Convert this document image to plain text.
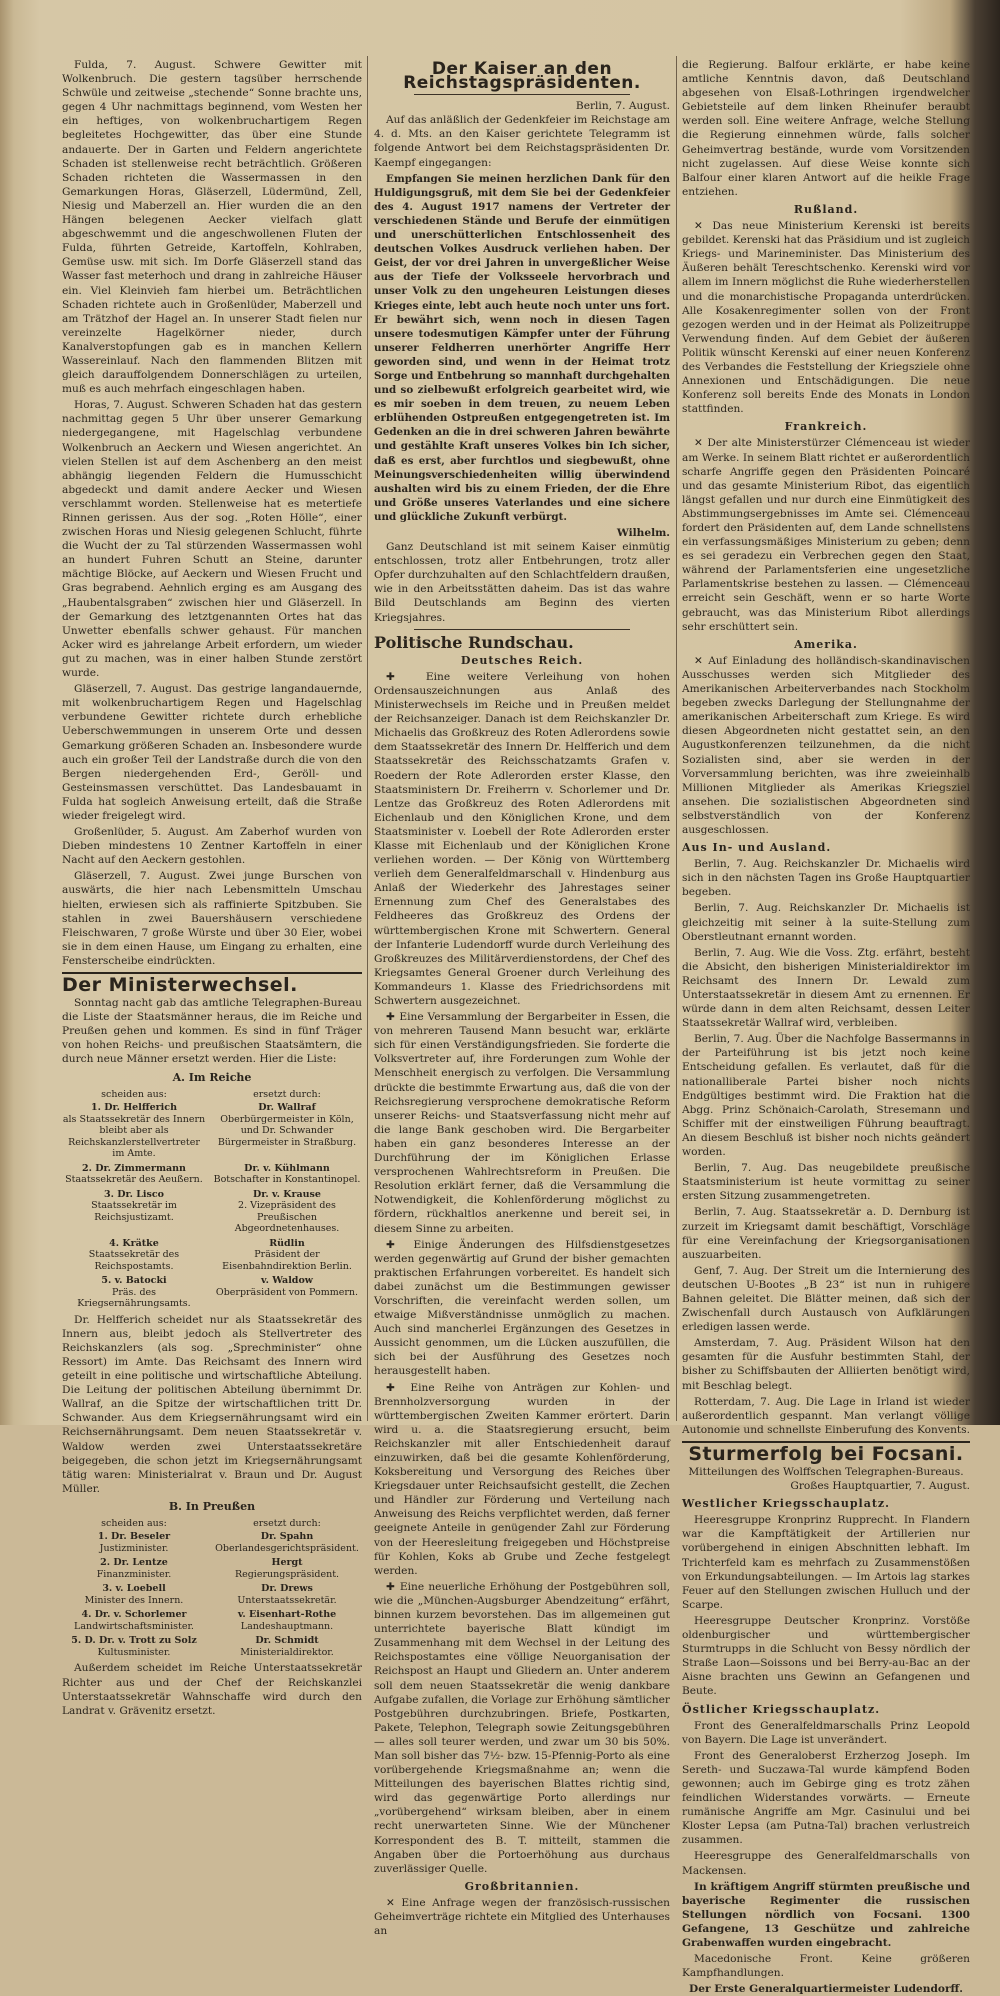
Fulda, 7. August. Schwere Gewitter mit Wolkenbruch. Die gestern tagsüber herrschende Schwüle und zeitweise „stechende“ Sonne brachte uns, gegen 4 Uhr nachmittags beginnend, vom Westen her ein heftiges, von wolkenbruchartigem Regen begleitetes Hochgewitter, das über eine Stunde andauerte. Der in Garten und Feldern angerichtete Schaden ist stellenweise recht beträchtlich. Größeren Schaden richteten die Wassermassen in den Gemarkungen Horas, Gläserzell, Lüdermünd, Zell, Niesig und Maberzell an. Hier wurden die an den Hängen belegenen Aecker vielfach glatt abgeschwemmt und die angeschwollenen Fluten der Fulda, führten Getreide, Kartoffeln, Kohlraben, Gemüse usw. mit sich. Im Dorfe Gläserzell stand das Wasser fast meterhoch und drang in zahlreiche Häuser ein. Viel Kleinvieh fam hierbei um. Beträchtlichen Schaden richtete auch in Großenlüder, Maberzell und am Trätzhof der Hagel an. In unserer Stadt fielen nur vereinzelte Hagelkörner nieder, durch Kanalverstopfungen gab es in manchen Kellern Wassereinlauf. Nach den flammenden Blitzen mit gleich darauffolgendem Donnerschlägen zu urteilen, muß es auch mehrfach eingeschlagen haben.

Horas, 7. August. Schweren Schaden hat das gestern nachmittag gegen 5 Uhr über unserer Gemarkung niedergegangene, mit Hagelschlag verbundene Wolkenbruch an Aeckern und Wiesen angerichtet. An vielen Stellen ist auf dem Aschenberg an den meist abhängig liegenden Feldern die Humusschicht abgedeckt und damit andere Aecker und Wiesen verschlammt worden. Stellenweise hat es metertiefe Rinnen gerissen. Aus der sog. „Roten Hölle“, einer zwischen Horas und Niesig gelegenen Schlucht, führte die Wucht der zu Tal stürzenden Wassermassen wohl an hundert Fuhren Schutt an Steine, darunter mächtige Blöcke, auf Aeckern und Wiesen Frucht und Gras begrabend. Aehnlich erging es am Ausgang des „Haubentalsgraben“ zwischen hier und Gläserzell. In der Gemarkung des letztgenannten Ortes hat das Unwetter ebenfalls schwer gehaust. Für manchen Acker wird es jahrelange Arbeit erfordern, um wieder gut zu machen, was in einer halben Stunde zerstört wurde.

Gläserzell, 7. August. Das gestrige langandauernde, mit wolkenbruchartigem Regen und Hagelschlag verbundene Gewitter richtete durch erhebliche Ueberschwemmungen in unserem Orte und dessen Gemarkung größeren Schaden an. Insbesondere wurde auch ein großer Teil der Landstraße durch die von den Bergen niedergehenden Erd-, Geröll- und Gesteinsmassen verschüttet. Das Landesbauamt in Fulda hat sogleich Anweisung erteilt, daß die Straße wieder freigelegt wird.

Großenlüder, 5. August. Am Zaberhof wurden von Dieben mindestens 10 Zentner Kartoffeln in einer Nacht auf den Aeckern gestohlen.

Gläserzell, 7. August. Zwei junge Burschen von auswärts, die hier nach Lebensmitteln Umschau hielten, erwiesen sich als raffinierte Spitzbuben. Sie stahlen in zwei Bauershäusern verschiedene Fleischwaren, 7 große Würste und über 30 Eier, wobei sie in dem einen Hause, um Eingang zu erhalten, eine Fensterscheibe eindrückten.

Der Ministerwechsel.

Sonntag nacht gab das amtliche Telegraphen-Bureau die Liste der Staatsmänner heraus, die im Reiche und Preußen gehen und kommen. Es sind in fünf Träger von hohen Reichs- und preußischen Staatsämtern, die durch neue Männer ersetzt werden. Hier die Liste:

A. Im Reiche
scheiden aus:	ersetzt durch:
1. Dr. Helfferich
als Staatssekretär des Innern bleibt aber als Reichskanzlerstellvertreter im Amte.
Dr. Wallraf
Oberbürgermeister in Köln, und Dr. Schwander Bürgermeister in Straßburg.
2. Dr. Zimmermann
Staatssekretär des Aeußern.
Dr. v. Kühlmann
Botschafter in Konstantinopel.
3. Dr. Lisco
Staatssekretär im Reichsjustizamt.
Dr. v. Krause
2. Vizepräsident des Preußischen Abgeordnetenhauses.
4. Krätke
Staatssekretär des Reichspostamts.
Rüdlin
Präsident der Eisenbahndirektion Berlin.
5. v. Batocki
Präs. des Kriegsernährungsamts.
v. Waldow
Oberpräsident von Pommern.

Dr. Helfferich scheidet nur als Staatssekretär des Innern aus, bleibt jedoch als Stellvertreter des Reichskanzlers (als sog. „Sprechminister“ ohne Ressort) im Amte. Das Reichsamt des Innern wird geteilt in eine politische und wirtschaftliche Abteilung. Die Leitung der politischen Abteilung übernimmt Dr. Wallraf, an die Spitze der wirtschaftlichen tritt Dr. Schwander. Aus dem Kriegsernährungsamt wird ein Reichsernährungsamt. Dem neuen Staatssekretär v. Waldow werden zwei Unterstaatssekretäre beigegeben, die schon jetzt im Kriegsernährungsamt tätig waren: Ministerialrat v. Braun und Dr. August Müller.

B. In Preußen
scheiden aus:	ersetzt durch:
1. Dr. Beseler
Justizminister.
Dr. Spahn
Oberlandesgerichtspräsident.
2. Dr. Lentze
Finanzminister.
Hergt
Regierungspräsident.
3. v. Loebell
Minister des Innern.
Dr. Drews
Unterstaatssekretär.
4. Dr. v. Schorlemer
Landwirtschaftsminister.
v. Eisenhart-Rothe
Landeshauptmann.
5. D. Dr. v. Trott zu Solz
Kultusminister.
Dr. Schmidt
Ministerialdirektor.

Außerdem scheidet im Reiche Unterstaatssekretär Richter aus und der Chef der Reichskanzlei Unterstaatssekretär Wahnschaffe wird durch den Landrat v. Grävenitz ersetzt.

Der Kaiser an den Reichstagspräsidenten.
Berlin, 7. August.

Auf das anläßlich der Gedenkfeier im Reichstage am 4. d. Mts. an den Kaiser gerichtete Telegramm ist folgende Antwort bei dem Reichstagspräsidenten Dr. Kaempf eingegangen:

Empfangen Sie meinen herzlichen Dank für den Huldigungsgruß, mit dem Sie bei der Gedenkfeier des 4. August 1917 namens der Vertreter der verschiedenen Stände und Berufe der einmütigen und unerschütterlichen Entschlossenheit des deutschen Volkes Ausdruck verliehen haben. Der Geist, der vor drei Jahren in unvergeßlicher Weise aus der Tiefe der Volksseele hervorbrach und unser Volk zu den ungeheuren Leistungen dieses Krieges einte, lebt auch heute noch unter uns fort. Er bewährt sich, wenn noch in diesen Tagen unsere todesmutigen Kämpfer unter der Führung unserer Feldherren unerhörter Angriffe Herr geworden sind, und wenn in der Heimat trotz Sorge und Entbehrung so mannhaft durchgehalten und so zielbewußt erfolgreich gearbeitet wird, wie es mir soeben in dem treuen, zu neuem Leben erblühenden Ostpreußen entgegengetreten ist. Im Gedenken an die in drei schweren Jahren bewährte und gestählte Kraft unseres Volkes bin Ich sicher, daß es erst, aber furchtlos und siegbewußt, ohne Meinungsverschiedenheiten willig überwindend aushalten wird bis zu einem Frieden, der die Ehre und Größe unseres Vaterlandes und eine sichere und glückliche Zukunft verbürgt.

Wilhelm.

Ganz Deutschland ist mit seinem Kaiser einmütig entschlossen, trotz aller Entbehrungen, trotz aller Opfer durchzuhalten auf den Schlachtfeldern draußen, wie in den Arbeitsstätten daheim. Das ist das wahre Bild Deutschlands am Beginn des vierten Kriegsjahres.

Politische Rundschau.
Deutsches Reich.

✚ Eine weitere Verleihung von hohen Ordensauszeichnungen aus Anlaß des Ministerwechsels im Reiche und in Preußen meldet der Reichsanzeiger. Danach ist dem Reichskanzler Dr. Michaelis das Großkreuz des Roten Adlerordens sowie dem Staatssekretär des Innern Dr. Helfferich und dem Staatssekretär des Reichsschatzamts Grafen v. Roedern der Rote Adlerorden erster Klasse, den Staatsministern Dr. Freiherrn v. Schorlemer und Dr. Lentze das Großkreuz des Roten Adlerordens mit Eichenlaub und den Königlichen Krone, und dem Staatsminister v. Loebell der Rote Adlerorden erster Klasse mit Eichenlaub und der Königlichen Krone verliehen worden. — Der König von Württemberg verlieh dem Generalfeldmarschall v. Hindenburg aus Anlaß der Wiederkehr des Jahrestages seiner Ernennung zum Chef des Generalstabes des Feldheeres das Großkreuz des Ordens der württembergischen Krone mit Schwertern. General der Infanterie Ludendorff wurde durch Verleihung des Großkreuzes des Militärverdienstordens, der Chef des Kriegsamtes General Groener durch Verleihung des Kommandeurs 1. Klasse des Friedrichsordens mit Schwertern ausgezeichnet.

✚ Eine Versammlung der Bergarbeiter in Essen, die von mehreren Tausend Mann besucht war, erklärte sich für einen Verständigungsfrieden. Sie forderte die Volksvertreter auf, ihre Forderungen zum Wohle der Menschheit energisch zu verfolgen. Die Versammlung drückte die bestimmte Erwartung aus, daß die von der Reichsregierung versprochene demokratische Reform unserer Reichs- und Staatsverfassung nicht mehr auf die lange Bank geschoben wird. Die Bergarbeiter haben ein ganz besonderes Interesse an der Durchführung der im Königlichen Erlasse versprochenen Wahlrechtsreform in Preußen. Die Resolution erklärt ferner, daß die Versammlung die Notwendigkeit, die Kohlenförderung möglichst zu fördern, rückhaltlos anerkenne und bereit sei, in diesem Sinne zu arbeiten.

✚ Einige Änderungen des Hilfsdienstgesetzes werden gegenwärtig auf Grund der bisher gemachten praktischen Erfahrungen vorbereitet. Es handelt sich dabei zunächst um die Bestimmungen gewisser Vorschriften, die vereinfacht werden sollen, um etwaige Mißverständnisse unmöglich zu machen. Auch sind mancherlei Ergänzungen des Gesetzes in Aussicht genommen, um die Lücken auszufüllen, die sich bei der Ausführung des Gesetzes noch herausgestellt haben.

✚ Eine Reihe von Anträgen zur Kohlen- und Brennholzversorgung wurden in der württembergischen Zweiten Kammer erörtert. Darin wird u. a. die Staatsregierung ersucht, beim Reichskanzler mit aller Entschiedenheit darauf einzuwirken, daß bei die gesamte Kohlenförderung, Koksbereitung und Versorgung des Reiches über Kriegsdauer unter Reichsaufsicht gestellt, die Zechen und Händler zur Förderung und Verteilung nach Anweisung des Reichs verpflichtet werden, daß ferner geeignete Anteile in genügender Zahl zur Förderung von der Heeresleitung freigegeben und Höchstpreise für Kohlen, Koks ab Grube und Zeche festgelegt werden.

✚ Eine neuerliche Erhöhung der Postgebühren soll, wie die „München-Augsburger Abendzeitung“ erfährt, binnen kurzem bevorstehen. Das im allgemeinen gut unterrichtete bayerische Blatt kündigt im Zusammenhang mit dem Wechsel in der Leitung des Reichspostamtes eine völlige Neuorganisation der Reichspost an Haupt und Gliedern an. Unter anderem soll dem neuen Staatssekretär die wenig dankbare Aufgabe zufallen, die Vorlage zur Erhöhung sämtlicher Postgebühren durchzubringen. Briefe, Postkarten, Pakete, Telephon, Telegraph sowie Zeitungsgebühren — alles soll teurer werden, und zwar um 30 bis 50%. Man soll bisher das 7½- bzw. 15-Pfennig-Porto als eine vorübergehende Kriegsmaßnahme an; wenn die Mitteilungen des bayerischen Blattes richtig sind, wird das gegenwärtige Porto allerdings nur „vorübergehend“ wirksam bleiben, aber in einem recht unerwarteten Sinne. Wie der Münchener Korrespondent des B. T. mitteilt, stammen die Angaben über die Portoerhöhung aus durchaus zuverlässiger Quelle.

Großbritannien.

✕ Eine Anfrage wegen der französisch-russischen Geheimverträge richtete ein Mitglied des Unterhauses an

die Regierung. Balfour erklärte, er habe keine amtliche Kenntnis davon, daß Deutschland abgesehen von Elsaß-Lothringen irgendwelcher Gebietsteile auf dem linken Rheinufer beraubt werden soll. Eine weitere Anfrage, welche Stellung die Regierung einnehmen würde, falls solcher Geheimvertrag bestände, wurde vom Vorsitzenden nicht zugelassen. Auf diese Weise konnte sich Balfour einer klaren Antwort auf die heikle Frage entziehen.

Rußland.

✕ Das neue Ministerium Kerenski ist bereits gebildet. Kerenski hat das Präsidium und ist zugleich Kriegs- und Marineminister. Das Ministerium des Äußeren behält Tereschtschenko. Kerenski wird vor allem im Innern möglichst die Ruhe wiederherstellen und die monarchistische Propaganda unterdrücken. Alle Kosakenregimenter sollen von der Front gezogen werden und in der Heimat als Polizeitruppe Verwendung finden. Auf dem Gebiet der äußeren Politik wünscht Kerenski auf einer neuen Konferenz des Verbandes die Feststellung der Kriegsziele ohne Annexionen und Entschädigungen. Die neue Konferenz soll bereits Ende des Monats in London stattfinden.

Frankreich.

✕ Der alte Ministerstürzer Clémenceau ist wieder am Werke. In seinem Blatt richtet er außerordentlich scharfe Angriffe gegen den Präsidenten Poincaré und das gesamte Ministerium Ribot, das eigentlich längst gefallen und nur durch eine Einmütigkeit des Abstimmungsergebnisses im Amte sei. Clémenceau fordert den Präsidenten auf, dem Lande schnellstens ein verfassungsmäßiges Ministerium zu geben; denn es sei geradezu ein Verbrechen gegen den Staat, während der Parlamentsferien eine ungesetzliche Parlamentskrise bestehen zu lassen. — Clémenceau erreicht sein Geschäft, wenn er so harte Worte gebraucht, was das Ministerium Ribot allerdings sehr erschüttert sein.

Amerika.

✕ Auf Einladung des holländisch-skandinavischen Ausschusses werden sich Mitglieder des Amerikanischen Arbeiterverbandes nach Stockholm begeben zwecks Darlegung der Stellungnahme der amerikanischen Arbeiterschaft zum Kriege. Es wird diesen Abgeordneten nicht gestattet sein, an den Augustkonferenzen teilzunehmen, da die nicht Sozialisten sind, aber sie werden in der Vorversammlung berichten, was ihre zweieinhalb Millionen Mitglieder als Amerikas Kriegsziel ansehen. Die sozialistischen Abgeordneten sind selbstverständlich von der Konferenz ausgeschlossen.

Aus In- und Ausland.

Berlin, 7. Aug. Reichskanzler Dr. Michaelis wird sich in den nächsten Tagen ins Große Hauptquartier begeben.

Berlin, 7. Aug. Reichskanzler Dr. Michaelis ist gleichzeitig mit seiner à la suite-Stellung zum Oberstleutnant ernannt worden.

Berlin, 7. Aug. Wie die Voss. Ztg. erfährt, besteht die Absicht, den bisherigen Ministerialdirektor im Reichsamt des Innern Dr. Lewald zum Unterstaatssekretär in diesem Amt zu ernennen. Er würde dann in dem alten Reichsamt, dessen Leiter Staatssekretär Wallraf wird, verbleiben.

Berlin, 7. Aug. Über die Nachfolge Bassermanns in der Parteiführung ist bis jetzt noch keine Entscheidung gefallen. Es verlautet, daß für die nationalliberale Partei bisher noch nichts Endgültiges bestimmt wird. Die Fraktion hat die Abgg. Prinz Schönaich-Carolath, Stresemann und Schiffer mit der einstweiligen Führung beauftragt. An diesem Beschluß ist bisher noch nichts geändert worden.

Berlin, 7. Aug. Das neugebildete preußische Staatsministerium ist heute vormittag zu seiner ersten Sitzung zusammengetreten.

Berlin, 7. Aug. Staatssekretär a. D. Dernburg ist zurzeit im Kriegsamt damit beschäftigt, Vorschläge für eine Vereinfachung der Kriegsorganisationen auszuarbeiten.

Genf, 7. Aug. Der Streit um die Internierung des deutschen U-Bootes „B 23“ ist nun in ruhigere Bahnen geleitet. Die Blätter meinen, daß sich der Zwischenfall durch Austausch von Aufklärungen erledigen lassen werde.

Amsterdam, 7. Aug. Präsident Wilson hat den gesamten für die Ausfuhr bestimmten Stahl, der bisher zu Schiffsbauten der Alliierten benötigt wird, mit Beschlag belegt.

Rotterdam, 7. Aug. Die Lage in Irland ist wieder außerordentlich gespannt. Man verlangt völlige Autonomie und schnellste Einberufung des Konvents.

Sturmerfolg bei Focsani.
Mitteilungen des Wolffschen Telegraphen-Bureaus.
Großes Hauptquartier, 7. August.
Westlicher Kriegsschauplatz.

Heeresgruppe Kronprinz Rupprecht. In Flandern war die Kampftätigkeit der Artillerien nur vorübergehend in einigen Abschnitten lebhaft. Im Trichterfeld kam es mehrfach zu Zusammenstößen von Erkundungsabteilungen. — Im Artois lag starkes Feuer auf den Stellungen zwischen Hulluch und der Scarpe.

Heeresgruppe Deutscher Kronprinz. Vorstöße oldenburgischer und württembergischer Sturmtrupps in die Schlucht von Bessy nördlich der Straße Laon—Soissons und bei Berry-au-Bac an der Aisne brachten uns Gewinn an Gefangenen und Beute.

Östlicher Kriegsschauplatz.

Front des Generalfeldmarschalls Prinz Leopold von Bayern. Die Lage ist unverändert.

Front des Generaloberst Erzherzog Joseph. Im Sereth- und Suczawa-Tal wurde kämpfend Boden gewonnen; auch im Gebirge ging es trotz zähen feindlichen Widerstandes vorwärts. — Erneute rumänische Angriffe am Mgr. Casinului und bei Kloster Lepsa (am Putna-Tal) brachen verlustreich zusammen.

Heeresgruppe des Generalfeldmarschalls von Mackensen.

In kräftigem Angriff stürmten preußische und bayerische Regimenter die russischen Stellungen nördlich von Focsani. 1300 Gefangene, 13 Geschütze und zahlreiche Grabenwaffen wurden eingebracht.

Macedonische Front. Keine größeren Kampfhandlungen.

Der Erste Generalquartiermeister Ludendorff.
